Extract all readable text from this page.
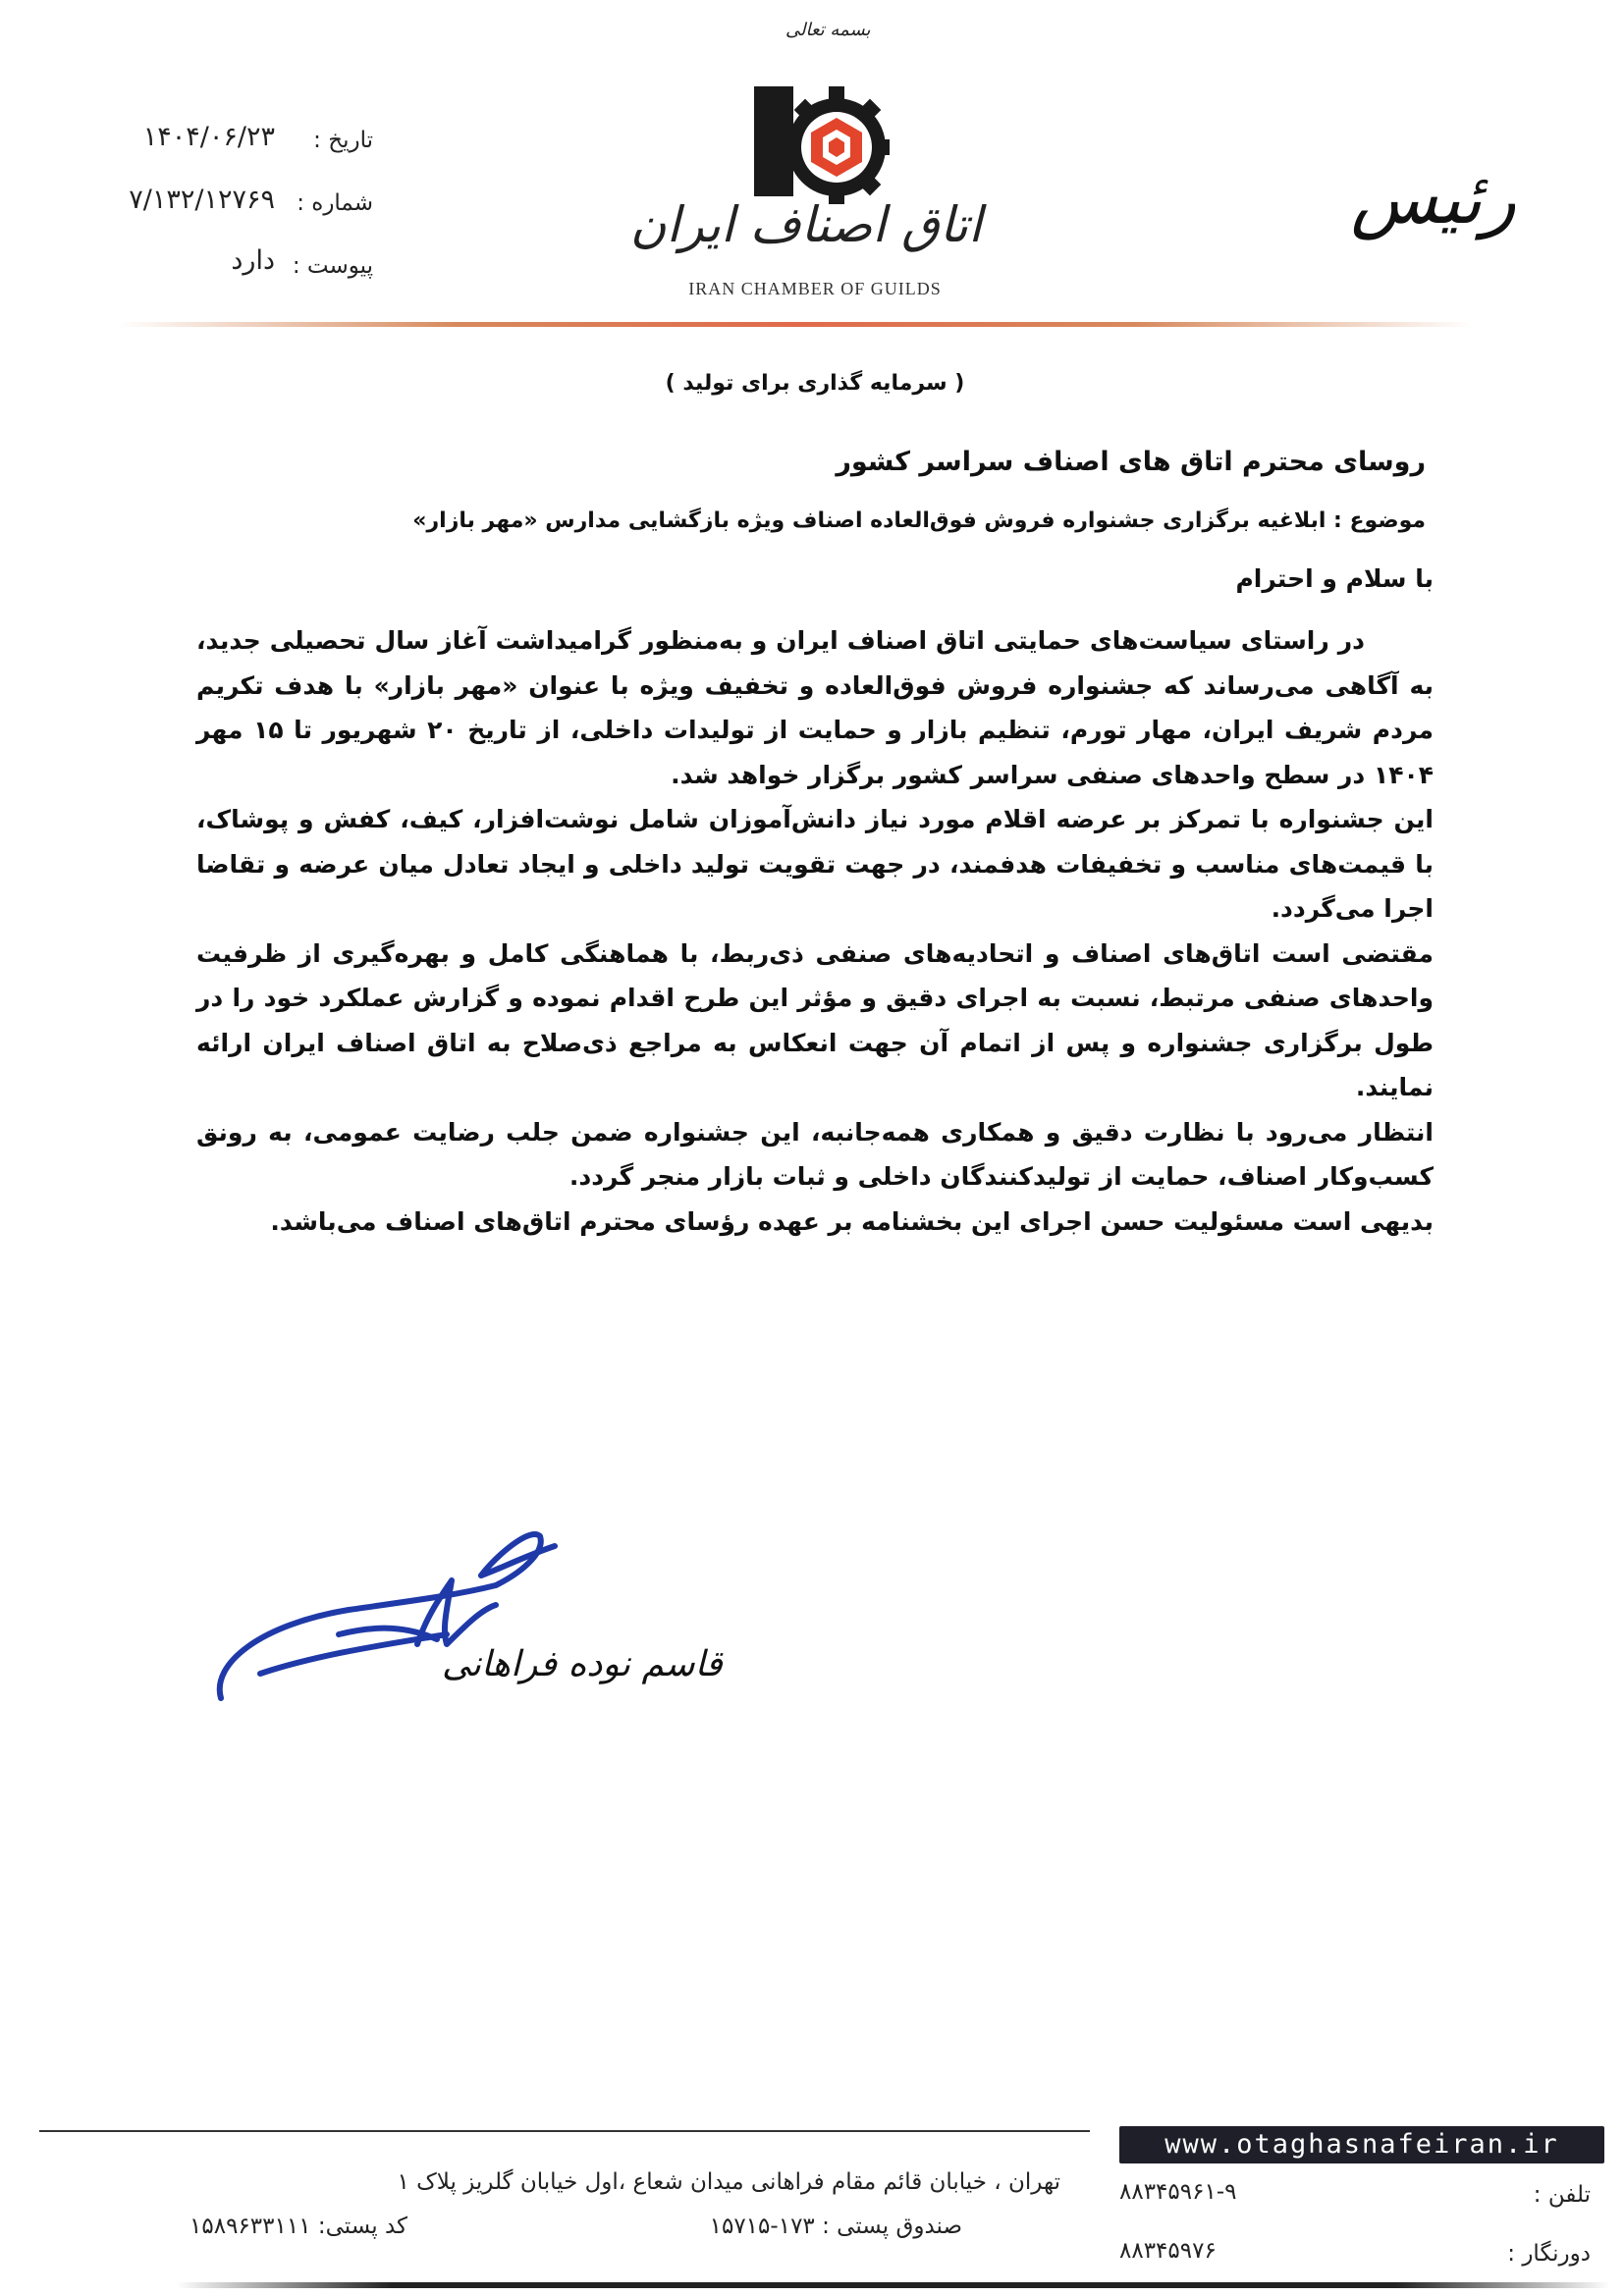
بسمه تعالی
اتاق اصناف ایران
IRAN CHAMBER OF GUILDS
رئیس
تاریخ :
۱۴۰۴/۰۶/۲۳
شماره :
۷/۱۳۲/۱۲۷۶۹
پیوست :
دارد
( سرمایه گذاری برای تولید )
روسای محترم اتاق های اصناف سراسر کشور
موضوع : ابلاغیه برگزاری جشنواره فروش فوق‌العاده اصناف ویژه بازگشایی مدارس «مهر بازار»
با سلام و احترام

در راستای سیاست‌های حمایتی اتاق اصناف ایران و به‌منظور گرامیداشت آغاز سال تحصیلی جدید، به آگاهی می‌رساند که جشنواره فروش فوق‌العاده و تخفیف ویژه با عنوان «مهر بازار» با هدف تکریم مردم شریف ایران، مهار تورم، تنظیم بازار و حمایت از تولیدات داخلی، از تاریخ ۲۰ شهریور تا ۱۵ مهر ۱۴۰۴ در سطح واحدهای صنفی سراسر کشور برگزار خواهد شد.

این جشنواره با تمرکز بر عرضه اقلام مورد نیاز دانش‌آموزان شامل نوشت‌افزار، کیف، کفش و پوشاک، با قیمت‌های مناسب و تخفیفات هدفمند، در جهت تقویت تولید داخلی و ایجاد تعادل میان عرضه و تقاضا اجرا می‌گردد.

مقتضی است اتاق‌های اصناف و اتحادیه‌های صنفی ذی‌ربط، با هماهنگی کامل و بهره‌گیری از ظرفیت واحدهای صنفی مرتبط، نسبت به اجرای دقیق و مؤثر این طرح اقدام نموده و گزارش عملکرد خود را در طول برگزاری جشنواره و پس از اتمام آن جهت انعکاس به مراجع ذی‌صلاح به اتاق اصناف ایران ارائه نمایند.

انتظار می‌رود با نظارت دقیق و همکاری همه‌جانبه، این جشنواره ضمن جلب رضایت عمومی، به رونق کسب‌وکار اصناف، حمایت از تولیدکنندگان داخلی و ثبات بازار منجر گردد.

بدیهی است مسئولیت حسن اجرای این بخشنامه بر عهده رؤسای محترم اتاق‌های اصناف می‌باشد.

قاسم نوده فراهانی
www.otaghasnafeiran.ir
تلفن :
۸۸۳۴۵۹۶۱-۹
دورنگار :
۸۸۳۴۵۹۷۶
تهران ، خیابان قائم مقام فراهانی میدان شعاع ،اول خیابان گلریز پلاک ۱
صندوق پستی : ۱۷۳-۱۵۷۱۵
کد پستی: ۱۵۸۹۶۳۳۱۱۱
